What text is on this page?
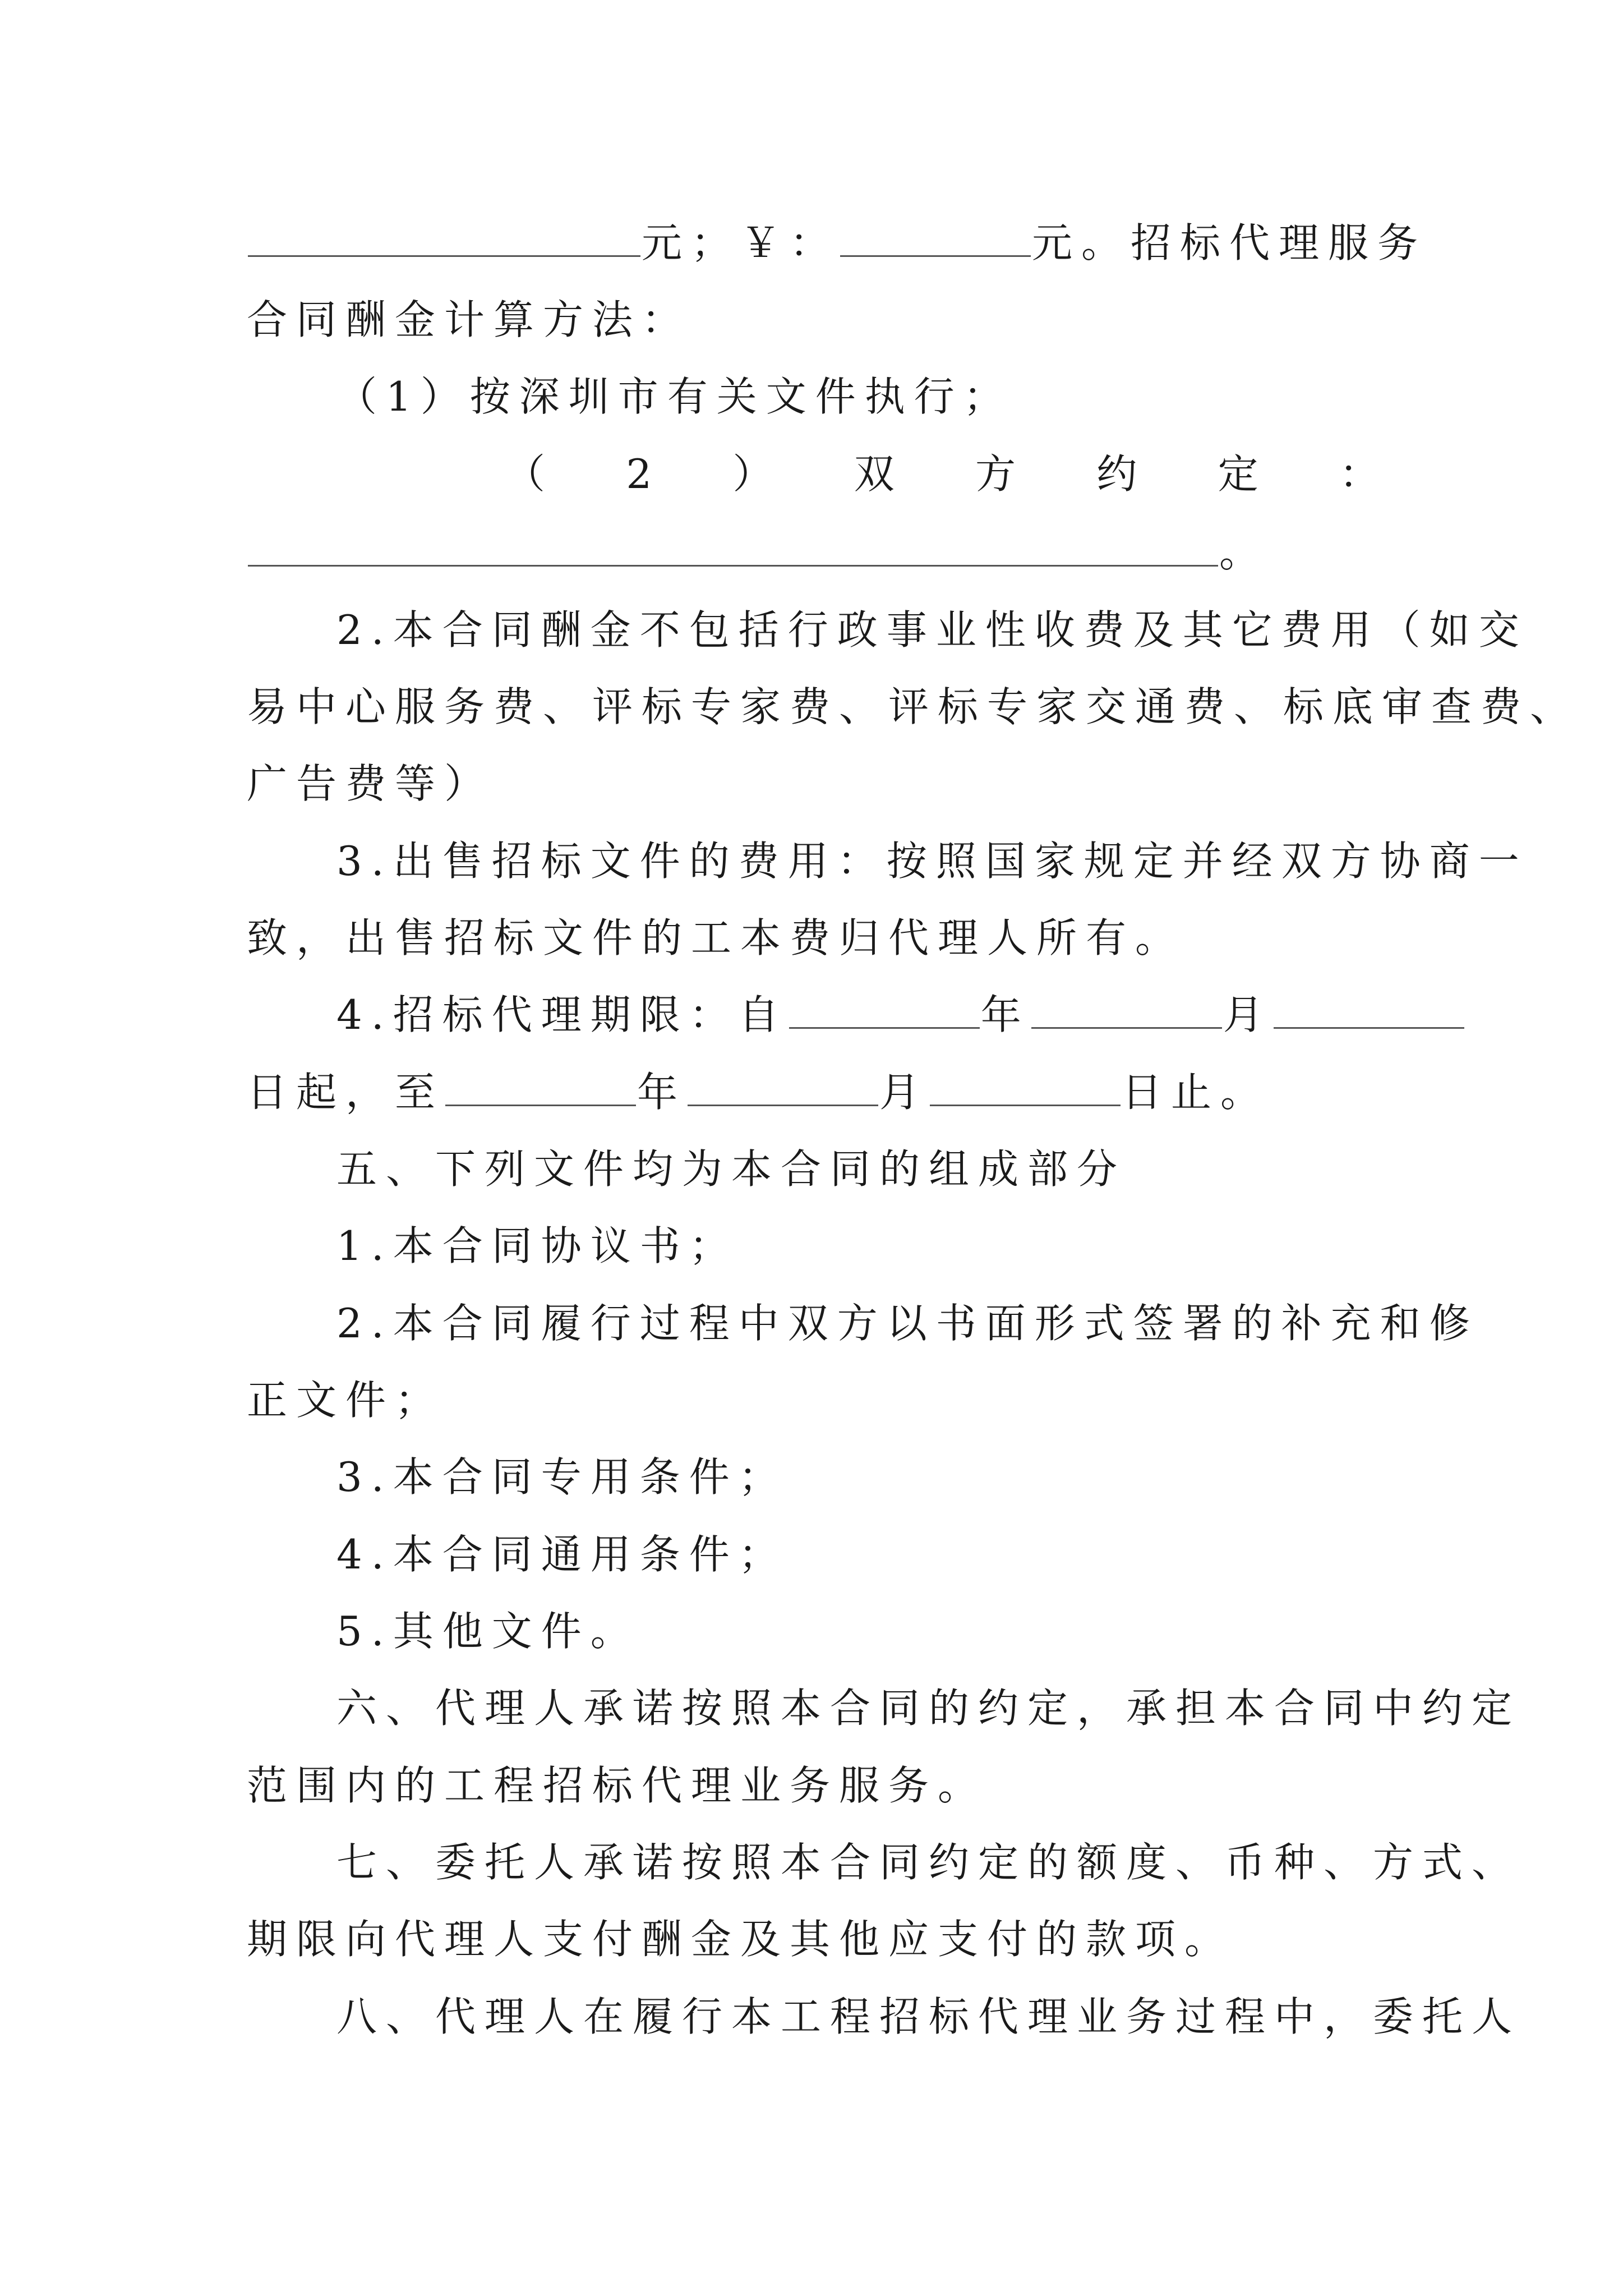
元；￥：	元。招标代理服务
合同酬金计算方法：
（1）按深圳市有关文件执行；
（ 2 ） 双 方 约 定 ：
。
2.本合同酬金不包括行政事业性收费及其它费用（如交
易中心服务费、评标专家费、评标专家交通费、标底审查费、
广告费等）
3.出售招标文件的费用：按照国家规定并经双方协商一
致，出售招标文件的工本费归代理人所有。
4.招标代理期限：自	年	月
日起，至	年	月	日止。
五、下列文件均为本合同的组成部分
1.本合同协议书；
2.本合同履行过程中双方以书面形式签署的补充和修
正文件；
3.本合同专用条件；
4.本合同通用条件；
5.其他文件。
六、代理人承诺按照本合同的约定，承担本合同中约定
范围内的工程招标代理业务服务。
七、委托人承诺按照本合同约定的额度、币种、方式、
期限向代理人支付酬金及其他应支付的款项。
八、代理人在履行本工程招标代理业务过程中，委托人
